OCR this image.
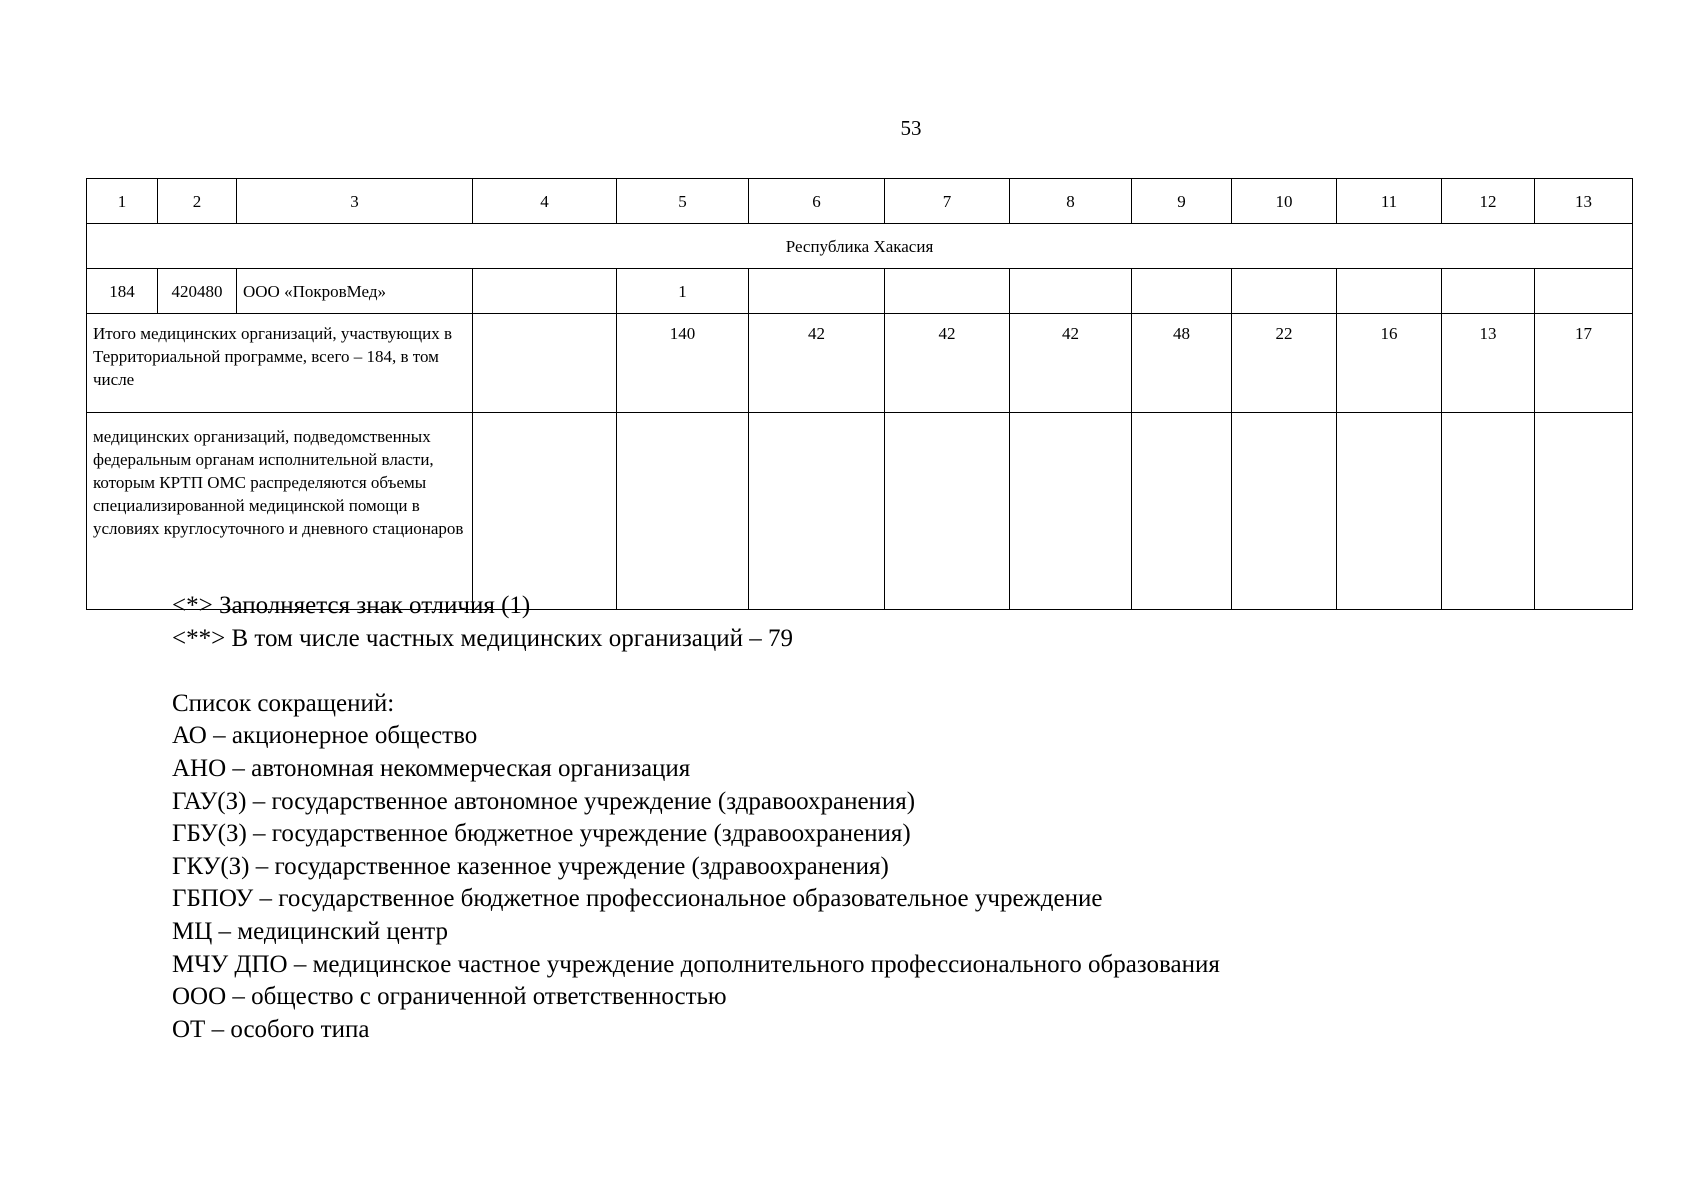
53
1	2	3	4	5	6	7	8	9	10	11	12	13
Республика Хакасия												
184	420480	ООО «ПокровМед»		1								
Итого медицинских организаций, участвующих в Территориальной программе, всего – 184, в том числе				140	42	42	42	48	22	16	13	17
медицинских организаций, подведомственных федеральным органам исполнительной власти, которым КРТП ОМС распределяются объемы специализированной медицинской помощи в условиях круглосуточного и дневного стационаров												
<*> Заполняется знак отличия (1)
<**> В том числе частных медицинских организаций – 79
Список сокращений:
АО – акционерное общество
АНО – автономная некоммерческая организация
ГАУ(З) – государственное автономное учреждение (здравоохранения)
ГБУ(З) – государственное бюджетное учреждение (здравоохранения)
ГКУ(З) – государственное казенное учреждение (здравоохранения)
ГБПОУ – государственное бюджетное профессиональное образовательное учреждение
МЦ – медицинский центр
МЧУ ДПО – медицинское частное учреждение дополнительного профессионального образования
ООО – общество с ограниченной ответственностью
ОТ – особого типа
